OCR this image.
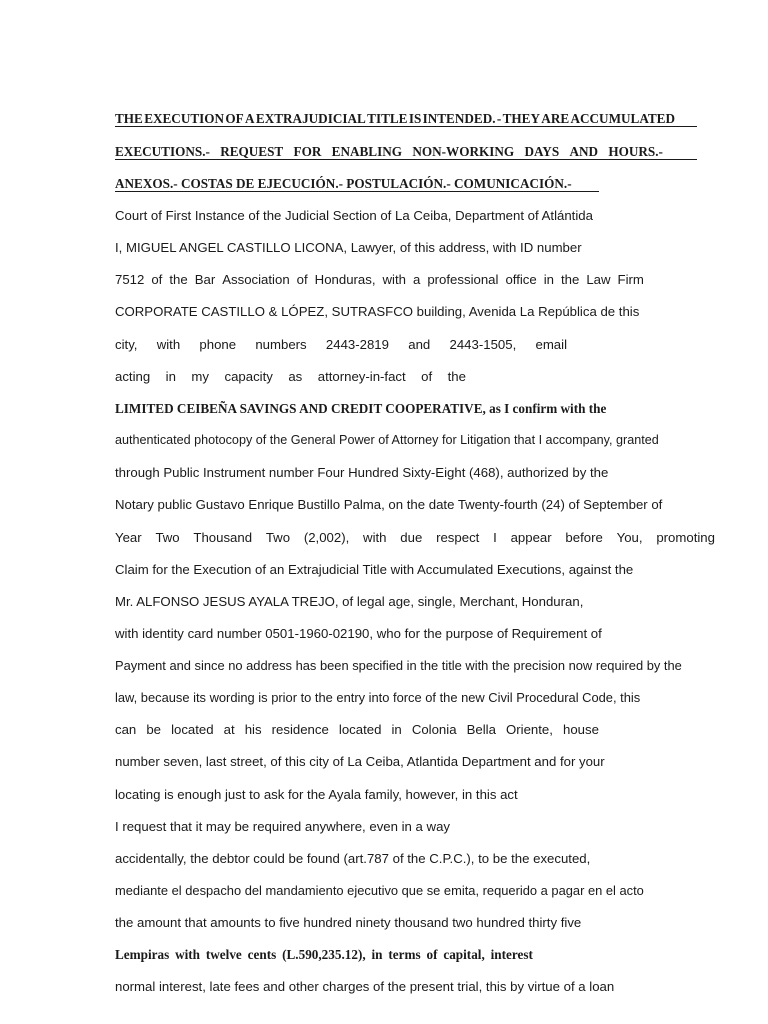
THE EXECUTION OF A EXTRAJUDICIAL TITLE IS INTENDED. - THEY ARE ACCUMULATED
EXECUTIONS.- REQUEST FOR ENABLING NON-WORKING DAYS AND HOURS.-
ANEXOS.- COSTAS DE EJECUCIÓN.- POSTULACIÓN.- COMUNICACIÓN.-
Court of First Instance of the Judicial Section of La Ceiba, Department of Atlántida
I, MIGUEL ANGEL CASTILLO LICONA, Lawyer, of this address, with ID number
7512 of the Bar Association of Honduras, with a professional office in the Law Firm
CORPORATE CASTILLO & LÓPEZ, SUTRASFCO building, Avenida La República de this
city, with phone numbers 2443-2819 and 2443-1505, email
acting in my capacity as attorney-in-fact of the
LIMITED CEIBEÑA SAVINGS AND CREDIT COOPERATIVE, as I confirm with the
authenticated photocopy of the General Power of Attorney for Litigation that I accompany, granted
through Public Instrument number Four Hundred Sixty-Eight (468), authorized by the
Notary public Gustavo Enrique Bustillo Palma, on the date Twenty-fourth (24) of September of
Year Two Thousand Two (2,002), with due respect I appear before You, promoting
Claim for the Execution of an Extrajudicial Title with Accumulated Executions, against the
Mr. ALFONSO JESUS AYALA TREJO, of legal age, single, Merchant, Honduran,
with identity card number 0501-1960-02190, who for the purpose of Requirement of
Payment and since no address has been specified in the title with the precision now required by the
law, because its wording is prior to the entry into force of the new Civil Procedural Code, this
can be located at his residence located in Colonia Bella Oriente, house
number seven, last street, of this city of La Ceiba, Atlantida Department and for your
locating is enough just to ask for the Ayala family, however, in this act
I request that it may be required anywhere, even in a way
accidentally, the debtor could be found (art.787 of the C.P.C.), to be the executed,
mediante el despacho del mandamiento ejecutivo que se emita, requerido a pagar en el acto
the amount that amounts to five hundred ninety thousand two hundred thirty five
Lempiras with twelve cents (L.590,235.12), in terms of capital, interest
normal interest, late fees and other charges of the present trial, this by virtue of a loan
